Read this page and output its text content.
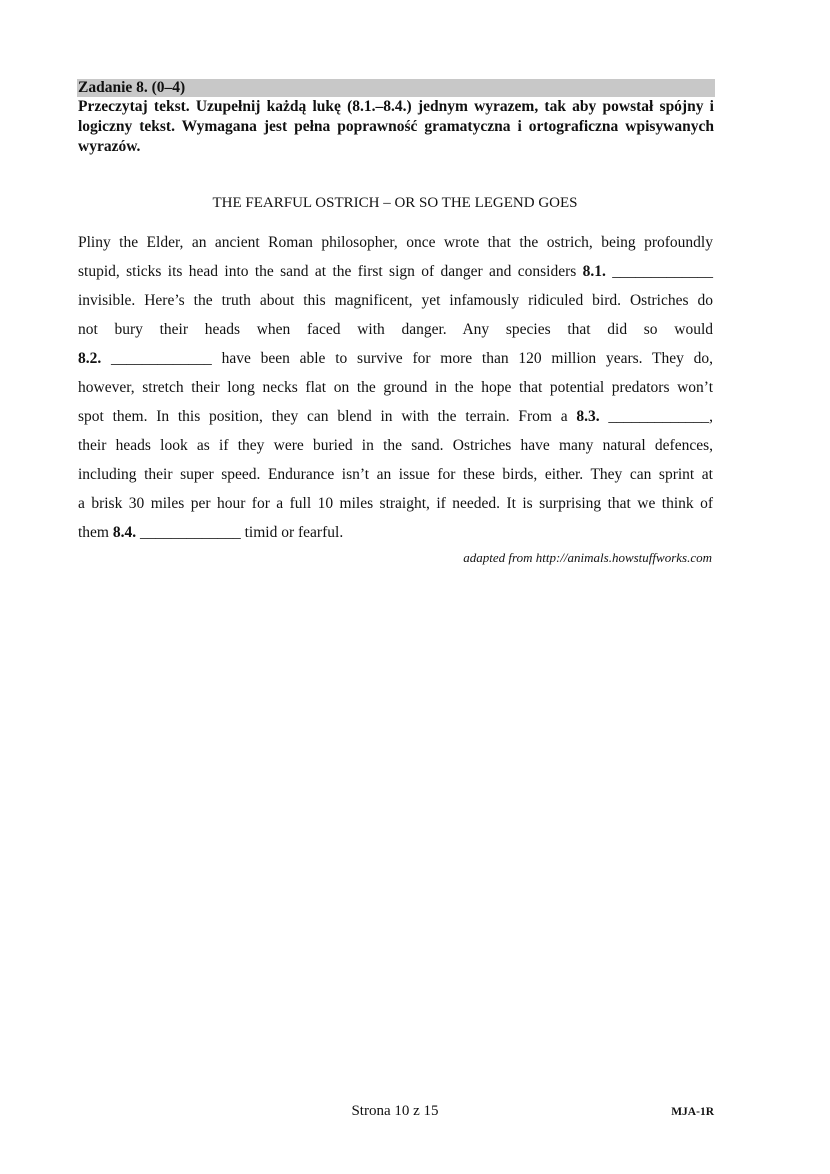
Zadanie 8. (0–4)
Przeczytaj tekst. Uzupełnij każdą lukę (8.1.–8.4.) jednym wyrazem, tak aby powstał spójny i logiczny tekst. Wymagana jest pełna poprawność gramatyczna i ortograficzna wpisywanych wyrazów.
THE FEARFUL OSTRICH – OR SO THE LEGEND GOES
Pliny the Elder, an ancient Roman philosopher, once wrote that the ostrich, being profoundly
stupid, sticks its head into the sand at the first sign of danger and considers 8.1. _____________
invisible. Here’s the truth about this magnificent, yet infamously ridiculed bird. Ostriches do
not bury their heads when faced with danger. Any species that did so would
8.2. _____________ have been able to survive for more than 120 million years. They do,
however, stretch their long necks flat on the ground in the hope that potential predators won’t
spot them. In this position, they can blend in with the terrain. From a 8.3. _____________,
their heads look as if they were buried in the sand. Ostriches have many natural defences,
including their super speed. Endurance isn’t an issue for these birds, either. They can sprint at
a brisk 30 miles per hour for a full 10 miles straight, if needed. It is surprising that we think of
them 8.4. _____________ timid or fearful.
adapted from http://animals.howstuffworks.com
Strona 10 z 15	MJA-1R
